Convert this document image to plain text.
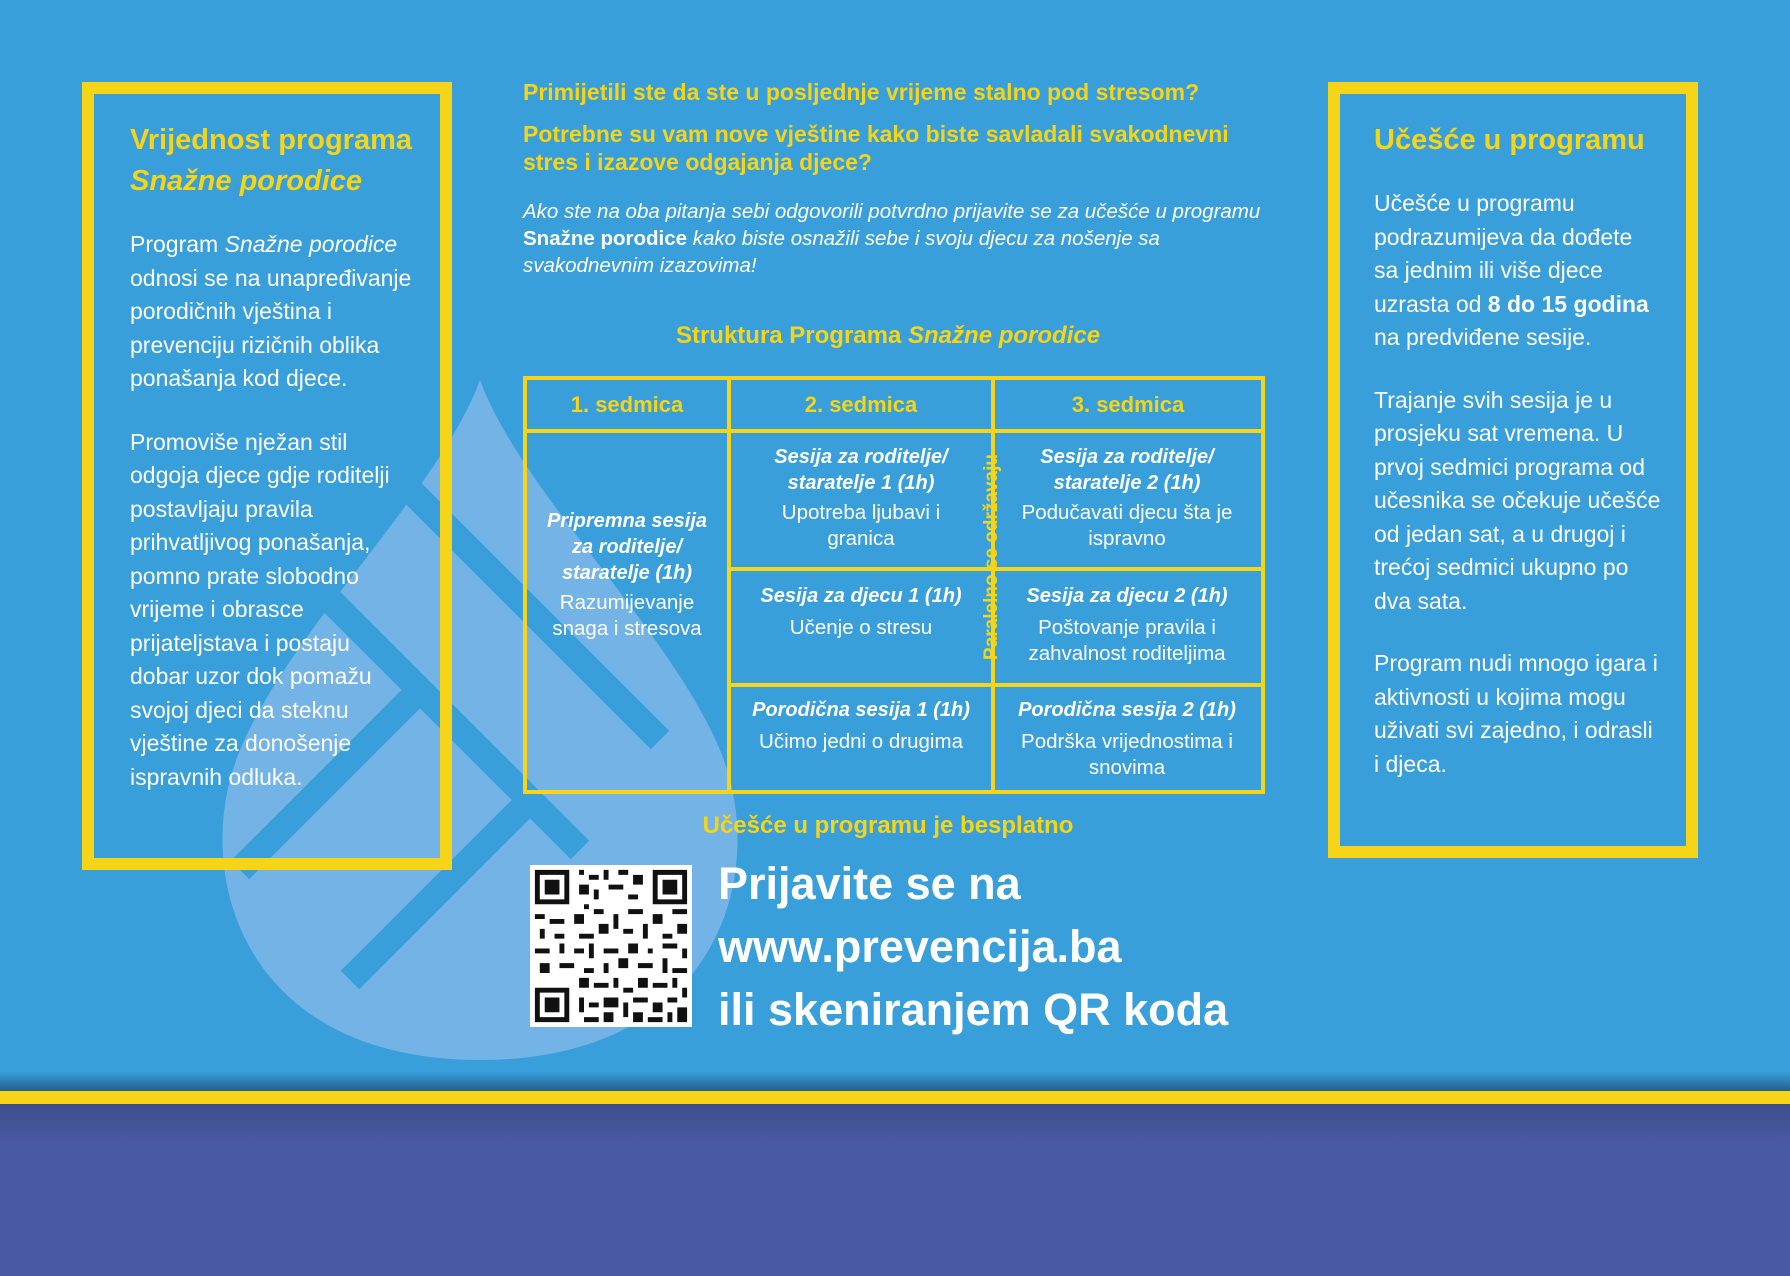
Vrijednost programa
Snažne porodice

Program Snažne porodice odnosi se na unapređivanje porodičnih vještina i prevenciju rizičnih oblika ponašanja kod djece.

Promoviše nježan stil odgoja djece gdje roditelji postavljaju pravila prihvatljivog ponašanja, pomno prate slobodno vrijeme i obrasce prijateljstava i postaju dobar uzor dok pomažu svojoj djeci da steknu vještine za donošenje ispravnih odluka.

Primijetili ste da ste u posljednje vrijeme stalno pod stresom?
Potrebne su vam nove vještine kako biste savladali svakodnevni stres i izazove odgajanja djece?
Ako ste na oba pitanja sebi odgovorili potvrdno prijavite se za učešće u programu Snažne porodice kako biste osnažili sebe i svoju djecu za nošenje sa svakodnevnim izazovima!
Struktura Programa Snažne porodice
1. sedmica	2. sedmica	3. sedmica
Pripremna sesija za roditelje/ staratelje (1h)
Razumijevanje snaga i stresova
Sesija za roditelje/ staratelje 1 (1h)
Upotreba ljubavi i granica
Sesija za roditelje/ staratelje 2 (1h)
Podučavati djecu šta je ispravno
Sesija za djecu 1 (1h)
Učenje o stresu
Sesija za djecu 2 (1h)
Poštovanje pravila i zahvalnost roditeljima
Porodična sesija 1 (1h)
Učimo jedni o drugima
Porodična sesija 2 (1h)
Podrška vrijednostima i snovima
Paralelno se održavaju
Učešće u programu je besplatno
Prijavite se na
www.prevencija.ba
ili skeniranjem QR koda
Učešće u programu

Učešće u programu podrazumijeva da dođete sa jednim ili više djece uzrasta od 8 do 15 godina na predviđene sesije.

Trajanje svih sesija je u prosjeku sat vremena. U prvoj sedmici programa od učesnika se očekuje učešće od jedan sat, a u drugoj i trećoj sedmici ukupno po dva sata.

Program nudi mnogo igara i aktivnosti u kojima mogu uživati svi zajedno, i odrasli i djeca.
